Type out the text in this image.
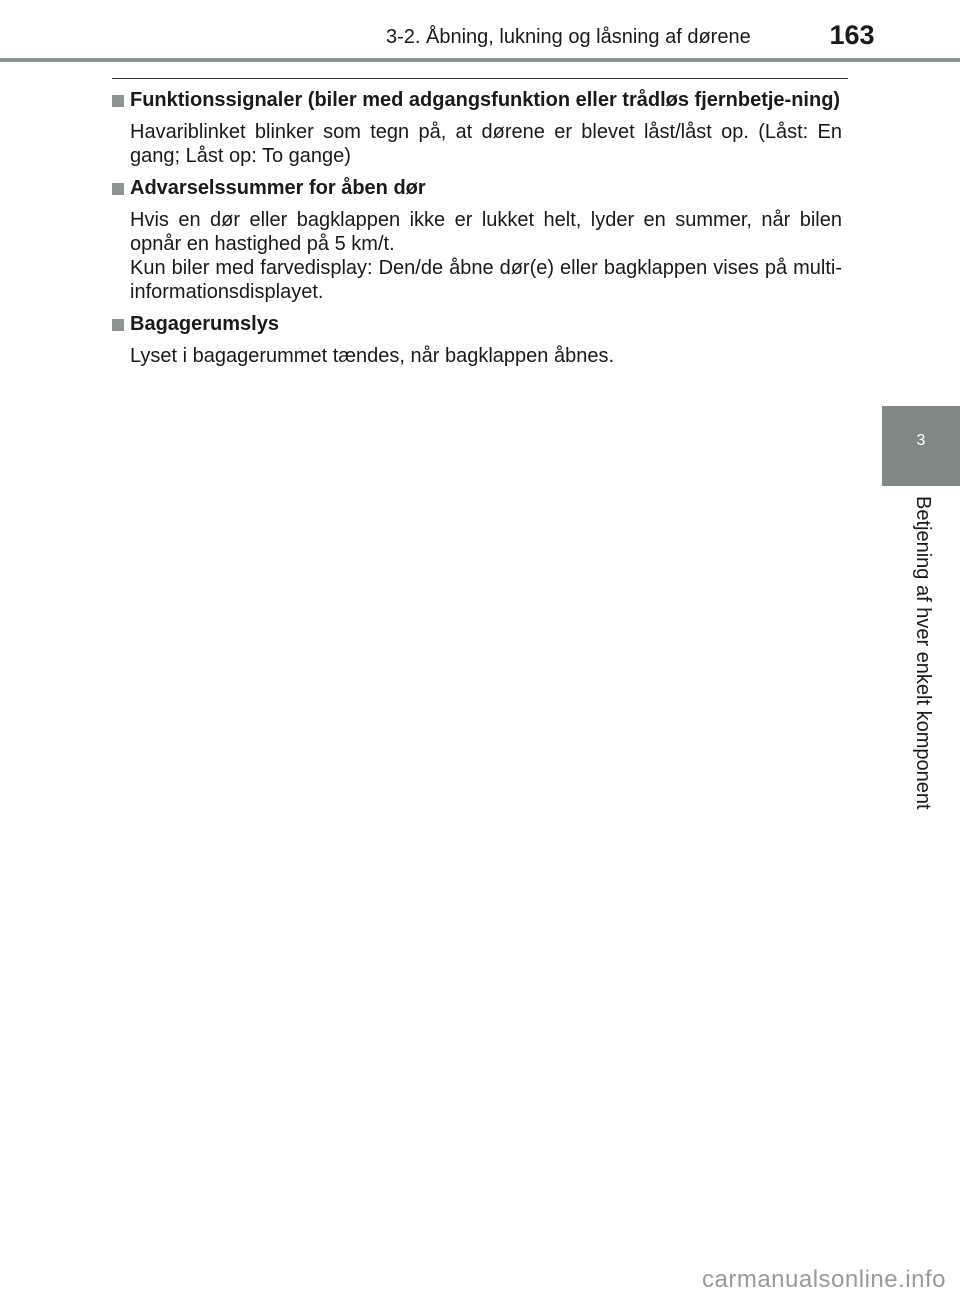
3-2. Åbning, lukning og låsning af dørene	163
Funktionssignaler (biler med adgangsfunktion eller trådløs fjernbetje-ning)

Havariblinket blinker som tegn på, at dørene er blevet låst/låst op. (Låst: En gang; Låst op: To gange)

Advarselssummer for åben dør

Hvis en dør eller bagklappen ikke er lukket helt, lyder en summer, når bilen opnår en hastighed på 5 km/t.

Kun biler med farvedisplay: Den/de åbne dør(e) eller bagklappen vises på multi-informationsdisplayet.

Bagagerumslys

Lyset i bagagerummet tændes, når bagklappen åbnes.

3
Betjening af hver enkelt komponent
carmanualsonline.info
